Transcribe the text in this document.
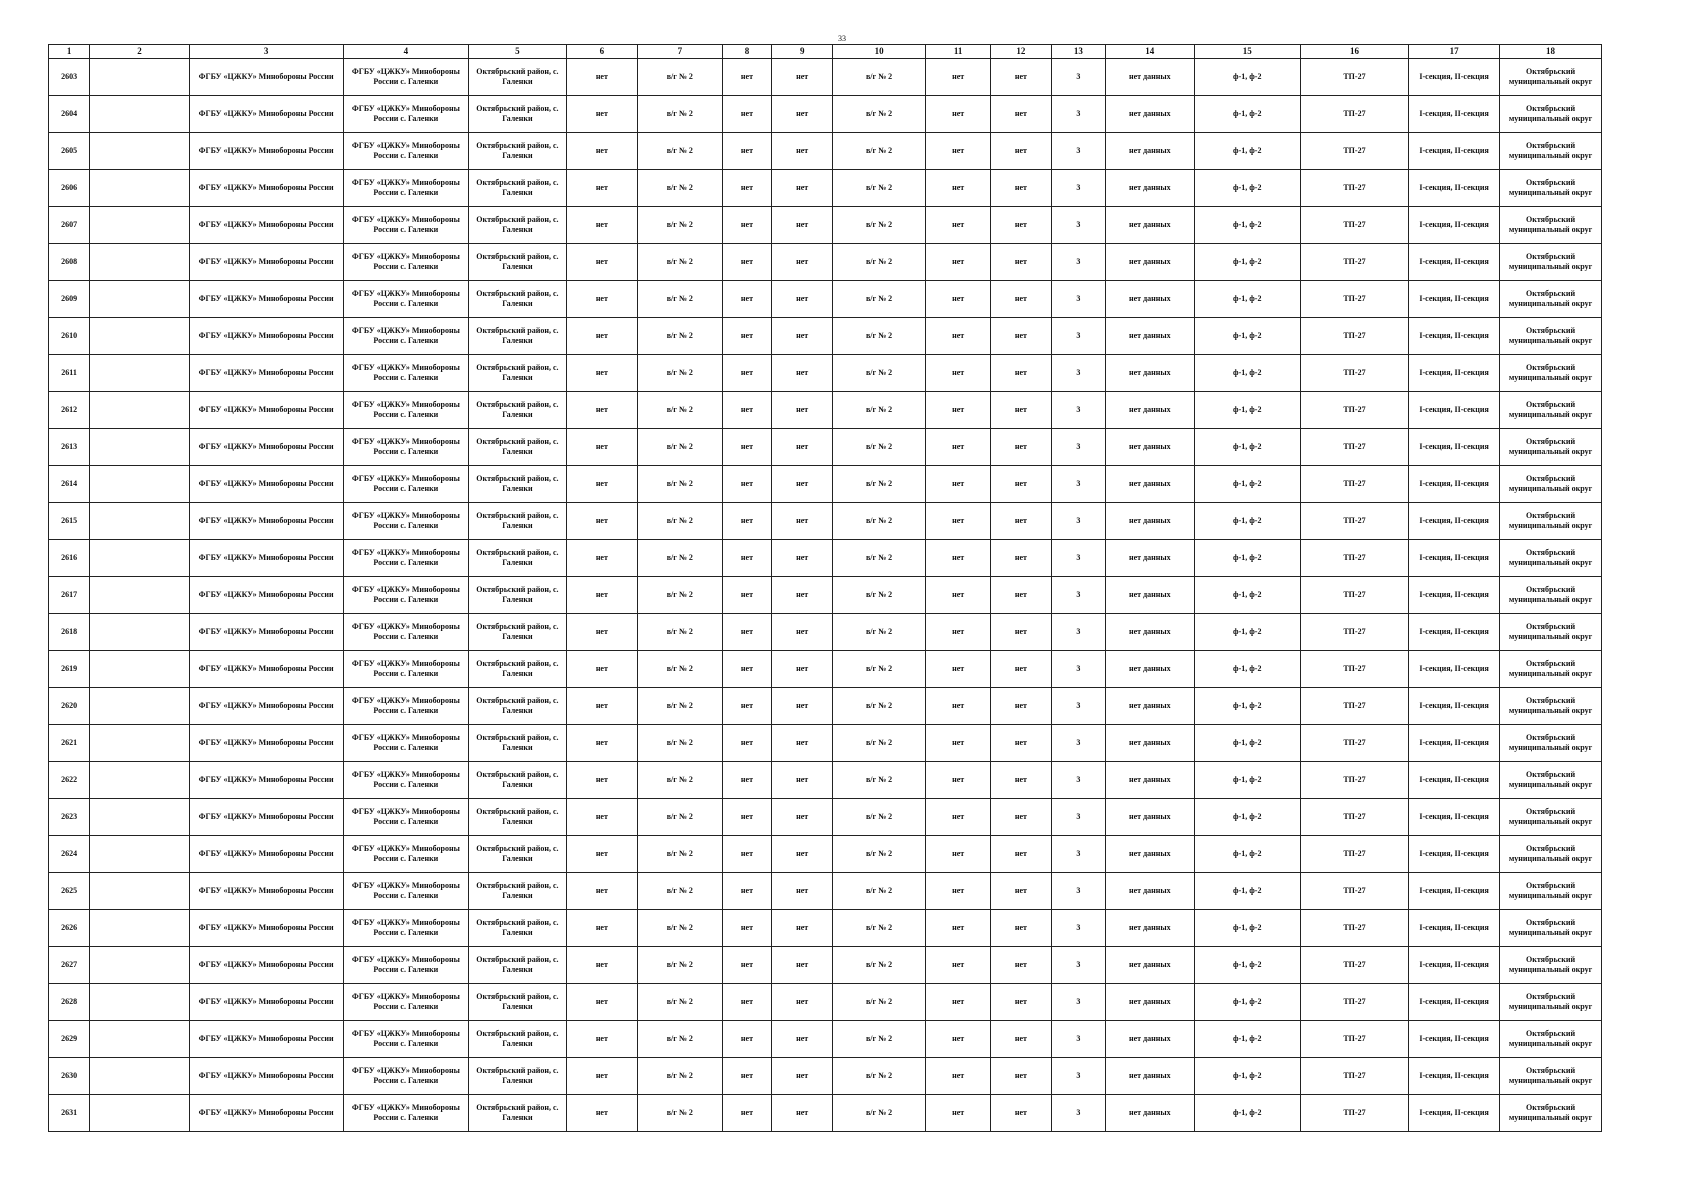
33
1	2	3	4	5	6	7	8	9	10	11	12	13	14	15	16	17	18
2603		ФГБУ «ЦЖКУ» Минобороны России	ФГБУ «ЦЖКУ» Минобороны России с. Галенки	Октябрьский район, с. Галенки	нет	в/г № 2	нет	нет	в/г № 2	нет	нет	3	нет данных	ф-1, ф-2	ТП-27	I-секция, II-секция	Октябрьский муниципальный округ
2604		ФГБУ «ЦЖКУ» Минобороны России	ФГБУ «ЦЖКУ» Минобороны России с. Галенки	Октябрьский район, с. Галенки	нет	в/г № 2	нет	нет	в/г № 2	нет	нет	3	нет данных	ф-1, ф-2	ТП-27	I-секция, II-секция	Октябрьский муниципальный округ
2605		ФГБУ «ЦЖКУ» Минобороны России	ФГБУ «ЦЖКУ» Минобороны России с. Галенки	Октябрьский район, с. Галенки	нет	в/г № 2	нет	нет	в/г № 2	нет	нет	3	нет данных	ф-1, ф-2	ТП-27	I-секция, II-секция	Октябрьский муниципальный округ
2606		ФГБУ «ЦЖКУ» Минобороны России	ФГБУ «ЦЖКУ» Минобороны России с. Галенки	Октябрьский район, с. Галенки	нет	в/г № 2	нет	нет	в/г № 2	нет	нет	3	нет данных	ф-1, ф-2	ТП-27	I-секция, II-секция	Октябрьский муниципальный округ
2607		ФГБУ «ЦЖКУ» Минобороны России	ФГБУ «ЦЖКУ» Минобороны России с. Галенки	Октябрьский район, с. Галенки	нет	в/г № 2	нет	нет	в/г № 2	нет	нет	3	нет данных	ф-1, ф-2	ТП-27	I-секция, II-секция	Октябрьский муниципальный округ
2608		ФГБУ «ЦЖКУ» Минобороны России	ФГБУ «ЦЖКУ» Минобороны России с. Галенки	Октябрьский район, с. Галенки	нет	в/г № 2	нет	нет	в/г № 2	нет	нет	3	нет данных	ф-1, ф-2	ТП-27	I-секция, II-секция	Октябрьский муниципальный округ
2609		ФГБУ «ЦЖКУ» Минобороны России	ФГБУ «ЦЖКУ» Минобороны России с. Галенки	Октябрьский район, с. Галенки	нет	в/г № 2	нет	нет	в/г № 2	нет	нет	3	нет данных	ф-1, ф-2	ТП-27	I-секция, II-секция	Октябрьский муниципальный округ
2610		ФГБУ «ЦЖКУ» Минобороны России	ФГБУ «ЦЖКУ» Минобороны России с. Галенки	Октябрьский район, с. Галенки	нет	в/г № 2	нет	нет	в/г № 2	нет	нет	3	нет данных	ф-1, ф-2	ТП-27	I-секция, II-секция	Октябрьский муниципальный округ
2611		ФГБУ «ЦЖКУ» Минобороны России	ФГБУ «ЦЖКУ» Минобороны России с. Галенки	Октябрьский район, с. Галенки	нет	в/г № 2	нет	нет	в/г № 2	нет	нет	3	нет данных	ф-1, ф-2	ТП-27	I-секция, II-секция	Октябрьский муниципальный округ
2612		ФГБУ «ЦЖКУ» Минобороны России	ФГБУ «ЦЖКУ» Минобороны России с. Галенки	Октябрьский район, с. Галенки	нет	в/г № 2	нет	нет	в/г № 2	нет	нет	3	нет данных	ф-1, ф-2	ТП-27	I-секция, II-секция	Октябрьский муниципальный округ
2613		ФГБУ «ЦЖКУ» Минобороны России	ФГБУ «ЦЖКУ» Минобороны России с. Галенки	Октябрьский район, с. Галенки	нет	в/г № 2	нет	нет	в/г № 2	нет	нет	3	нет данных	ф-1, ф-2	ТП-27	I-секция, II-секция	Октябрьский муниципальный округ
2614		ФГБУ «ЦЖКУ» Минобороны России	ФГБУ «ЦЖКУ» Минобороны России с. Галенки	Октябрьский район, с. Галенки	нет	в/г № 2	нет	нет	в/г № 2	нет	нет	3	нет данных	ф-1, ф-2	ТП-27	I-секция, II-секция	Октябрьский муниципальный округ
2615		ФГБУ «ЦЖКУ» Минобороны России	ФГБУ «ЦЖКУ» Минобороны России с. Галенки	Октябрьский район, с. Галенки	нет	в/г № 2	нет	нет	в/г № 2	нет	нет	3	нет данных	ф-1, ф-2	ТП-27	I-секция, II-секция	Октябрьский муниципальный округ
2616		ФГБУ «ЦЖКУ» Минобороны России	ФГБУ «ЦЖКУ» Минобороны России с. Галенки	Октябрьский район, с. Галенки	нет	в/г № 2	нет	нет	в/г № 2	нет	нет	3	нет данных	ф-1, ф-2	ТП-27	I-секция, II-секция	Октябрьский муниципальный округ
2617		ФГБУ «ЦЖКУ» Минобороны России	ФГБУ «ЦЖКУ» Минобороны России с. Галенки	Октябрьский район, с. Галенки	нет	в/г № 2	нет	нет	в/г № 2	нет	нет	3	нет данных	ф-1, ф-2	ТП-27	I-секция, II-секция	Октябрьский муниципальный округ
2618		ФГБУ «ЦЖКУ» Минобороны России	ФГБУ «ЦЖКУ» Минобороны России с. Галенки	Октябрьский район, с. Галенки	нет	в/г № 2	нет	нет	в/г № 2	нет	нет	3	нет данных	ф-1, ф-2	ТП-27	I-секция, II-секция	Октябрьский муниципальный округ
2619		ФГБУ «ЦЖКУ» Минобороны России	ФГБУ «ЦЖКУ» Минобороны России с. Галенки	Октябрьский район, с. Галенки	нет	в/г № 2	нет	нет	в/г № 2	нет	нет	3	нет данных	ф-1, ф-2	ТП-27	I-секция, II-секция	Октябрьский муниципальный округ
2620		ФГБУ «ЦЖКУ» Минобороны России	ФГБУ «ЦЖКУ» Минобороны России с. Галенки	Октябрьский район, с. Галенки	нет	в/г № 2	нет	нет	в/г № 2	нет	нет	3	нет данных	ф-1, ф-2	ТП-27	I-секция, II-секция	Октябрьский муниципальный округ
2621		ФГБУ «ЦЖКУ» Минобороны России	ФГБУ «ЦЖКУ» Минобороны России с. Галенки	Октябрьский район, с. Галенки	нет	в/г № 2	нет	нет	в/г № 2	нет	нет	3	нет данных	ф-1, ф-2	ТП-27	I-секция, II-секция	Октябрьский муниципальный округ
2622		ФГБУ «ЦЖКУ» Минобороны России	ФГБУ «ЦЖКУ» Минобороны России с. Галенки	Октябрьский район, с. Галенки	нет	в/г № 2	нет	нет	в/г № 2	нет	нет	3	нет данных	ф-1, ф-2	ТП-27	I-секция, II-секция	Октябрьский муниципальный округ
2623		ФГБУ «ЦЖКУ» Минобороны России	ФГБУ «ЦЖКУ» Минобороны России с. Галенки	Октябрьский район, с. Галенки	нет	в/г № 2	нет	нет	в/г № 2	нет	нет	3	нет данных	ф-1, ф-2	ТП-27	I-секция, II-секция	Октябрьский муниципальный округ
2624		ФГБУ «ЦЖКУ» Минобороны России	ФГБУ «ЦЖКУ» Минобороны России с. Галенки	Октябрьский район, с. Галенки	нет	в/г № 2	нет	нет	в/г № 2	нет	нет	3	нет данных	ф-1, ф-2	ТП-27	I-секция, II-секция	Октябрьский муниципальный округ
2625		ФГБУ «ЦЖКУ» Минобороны России	ФГБУ «ЦЖКУ» Минобороны России с. Галенки	Октябрьский район, с. Галенки	нет	в/г № 2	нет	нет	в/г № 2	нет	нет	3	нет данных	ф-1, ф-2	ТП-27	I-секция, II-секция	Октябрьский муниципальный округ
2626		ФГБУ «ЦЖКУ» Минобороны России	ФГБУ «ЦЖКУ» Минобороны России с. Галенки	Октябрьский район, с. Галенки	нет	в/г № 2	нет	нет	в/г № 2	нет	нет	3	нет данных	ф-1, ф-2	ТП-27	I-секция, II-секция	Октябрьский муниципальный округ
2627		ФГБУ «ЦЖКУ» Минобороны России	ФГБУ «ЦЖКУ» Минобороны России с. Галенки	Октябрьский район, с. Галенки	нет	в/г № 2	нет	нет	в/г № 2	нет	нет	3	нет данных	ф-1, ф-2	ТП-27	I-секция, II-секция	Октябрьский муниципальный округ
2628		ФГБУ «ЦЖКУ» Минобороны России	ФГБУ «ЦЖКУ» Минобороны России с. Галенки	Октябрьский район, с. Галенки	нет	в/г № 2	нет	нет	в/г № 2	нет	нет	3	нет данных	ф-1, ф-2	ТП-27	I-секция, II-секция	Октябрьский муниципальный округ
2629		ФГБУ «ЦЖКУ» Минобороны России	ФГБУ «ЦЖКУ» Минобороны России с. Галенки	Октябрьский район, с. Галенки	нет	в/г № 2	нет	нет	в/г № 2	нет	нет	3	нет данных	ф-1, ф-2	ТП-27	I-секция, II-секция	Октябрьский муниципальный округ
2630		ФГБУ «ЦЖКУ» Минобороны России	ФГБУ «ЦЖКУ» Минобороны России с. Галенки	Октябрьский район, с. Галенки	нет	в/г № 2	нет	нет	в/г № 2	нет	нет	3	нет данных	ф-1, ф-2	ТП-27	I-секция, II-секция	Октябрьский муниципальный округ
2631		ФГБУ «ЦЖКУ» Минобороны России	ФГБУ «ЦЖКУ» Минобороны России с. Галенки	Октябрьский район, с. Галенки	нет	в/г № 2	нет	нет	в/г № 2	нет	нет	3	нет данных	ф-1, ф-2	ТП-27	I-секция, II-секция	Октябрьский муниципальный округ
